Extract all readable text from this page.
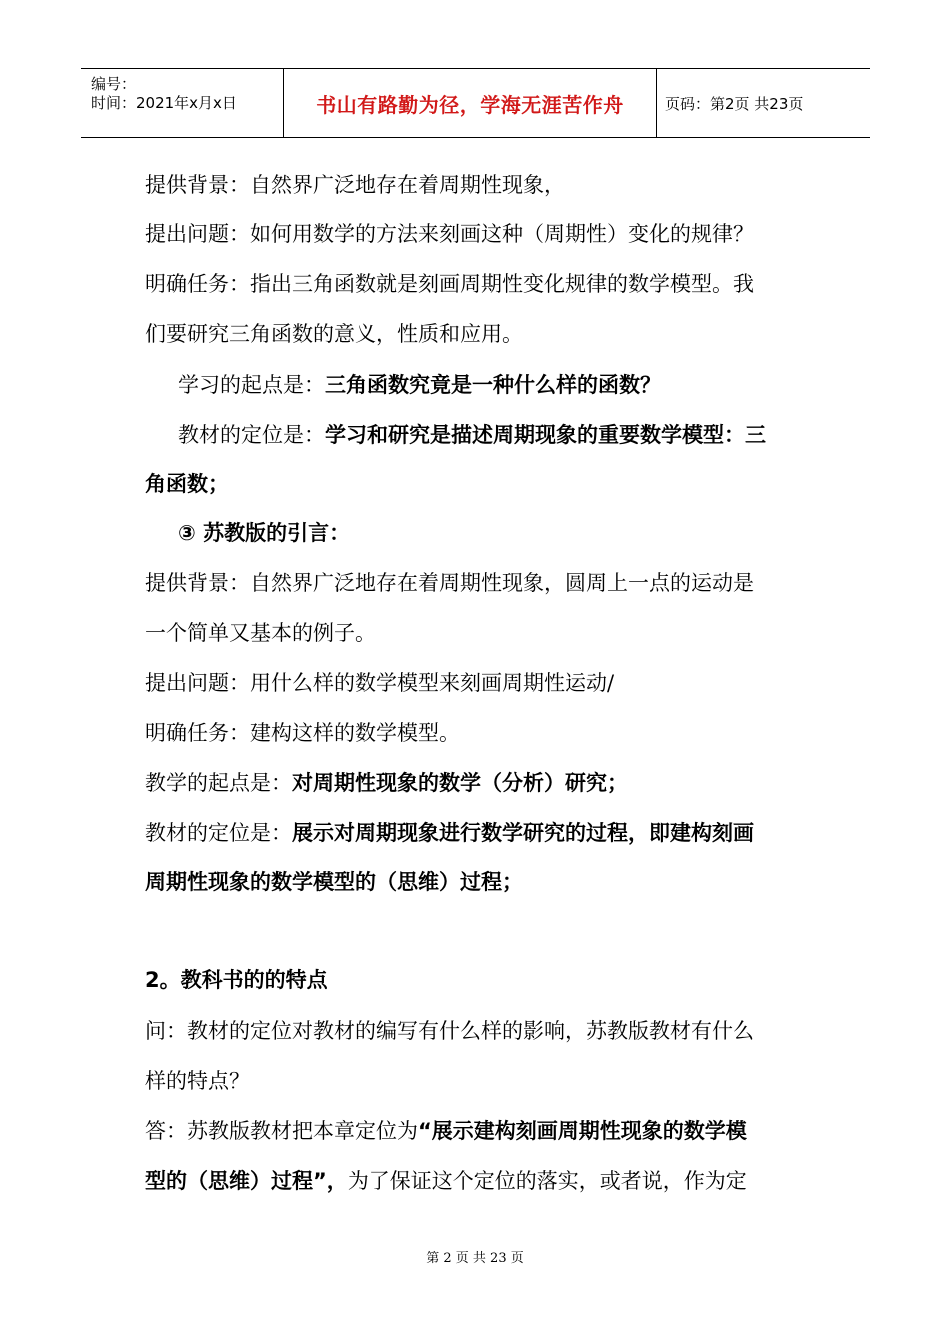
编号：
时间：2021年x月x日	书山有路勤为径，学海无涯苦作舟	页码：第2页 共23页
提供背景：自然界广泛地存在着周期性现象，
提出问题：如何用数学的方法来刻画这种（周期性）变化的规律？
明确任务：指出三角函数就是刻画周期性变化规律的数学模型。我
们要研究三角函数的意义，性质和应用。
学习的起点是：三角函数究竟是一种什么样的函数？
教材的定位是：学习和研究是描述周期现象的重要数学模型：三
角函数；
③ 苏教版的引言：
提供背景：自然界广泛地存在着周期性现象，圆周上一点的运动是
一个简单又基本的例子。
提出问题：用什么样的数学模型来刻画周期性运动/
明确任务：建构这样的数学模型。
教学的起点是：对周期性现象的数学（分析）研究；
教材的定位是：展示对周期现象进行数学研究的过程，即建构刻画
周期性现象的数学模型的（思维）过程；
2。教科书的的特点
问：教材的定位对教材的编写有什么样的影响，苏教版教材有什么
样的特点？
答：苏教版教材把本章定位为“展示建构刻画周期性现象的数学模
型的（思维）过程”，为了保证这个定位的落实，或者说，作为定
第 2 页 共 23 页
